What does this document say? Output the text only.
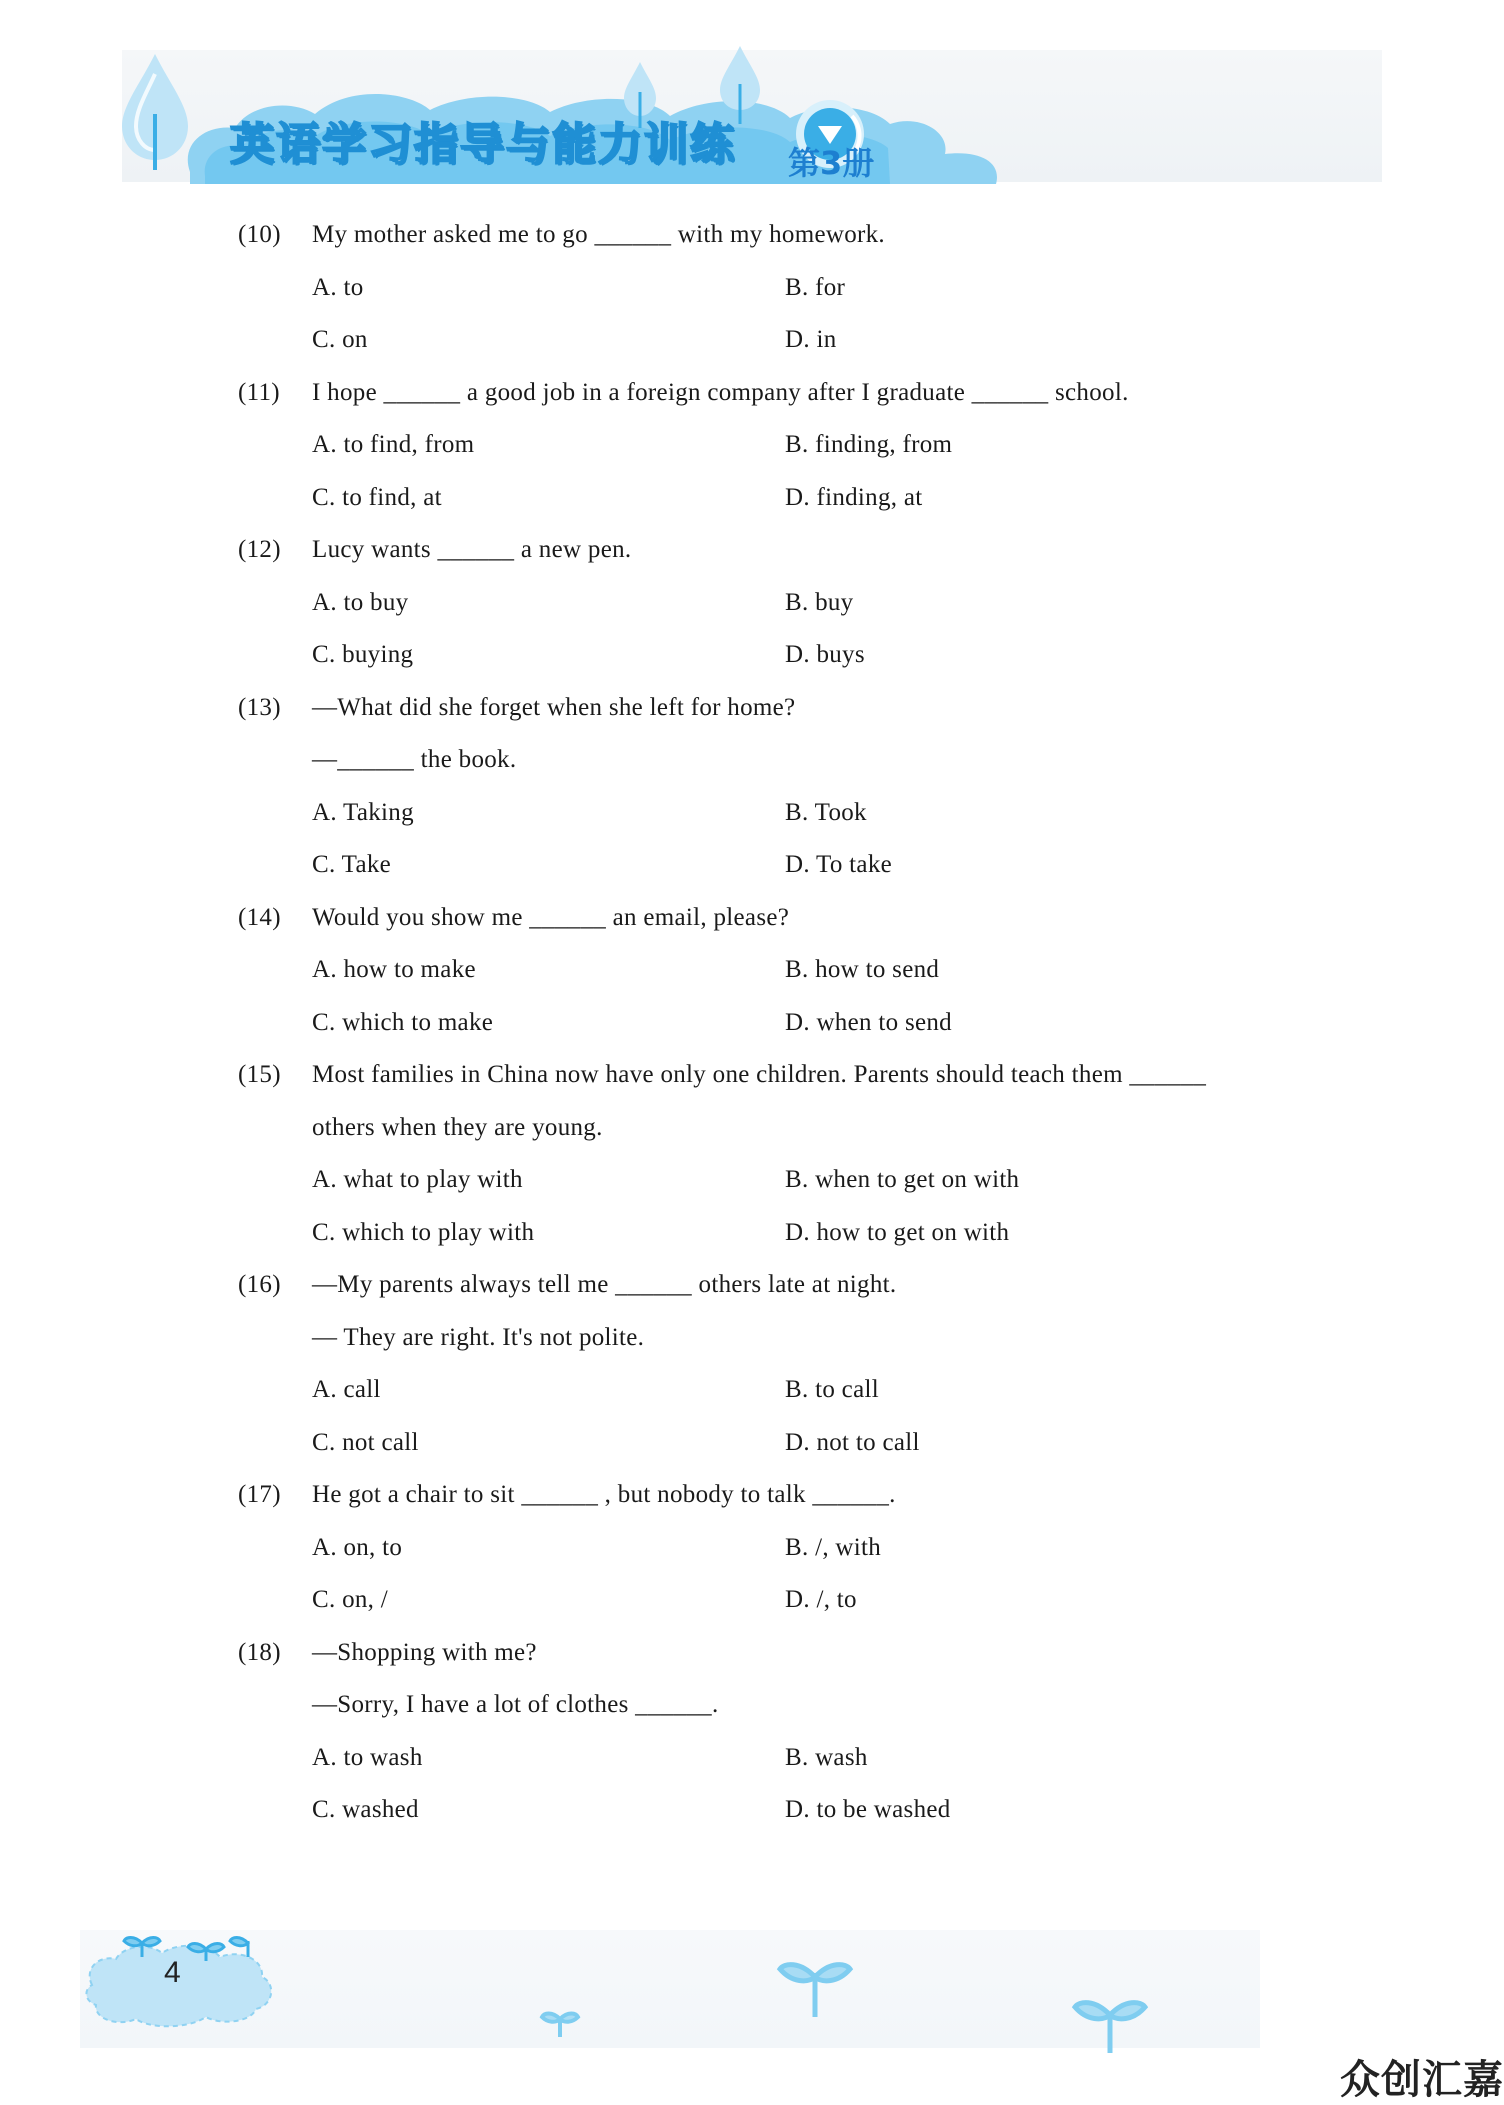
英语学习指导与能力训练 第3册
(10) My mother asked me to go ______ with my homework.
A. to	B. for
C. on	D. in
(11) I hope ______ a good job in a foreign company after I graduate ______ school.
A. to find, from	B. finding, from
C. to find, at	D. finding, at
(12) Lucy wants ______ a new pen.
A. to buy	B. buy
C. buying	D. buys
(13) —What did she forget when she left for home?
—______ the book.
A. Taking	B. Took
C. Take	D. To take
(14) Would you show me ______ an email, please?
A. how to make	B. how to send
C. which to make	D. when to send
(15) Most families in China now have only one children. Parents should teach them ______
others when they are young.
A. what to play with	B. when to get on with
C. which to play with	D. how to get on with
(16) —My parents always tell me ______ others late at night.
— They are right. It's not polite.
A. call	B. to call
C. not call	D. not to call
(17) He got a chair to sit ______ , but nobody to talk ______.
A. on, to	B. /, with
C. on, /	D. /, to
(18) —Shopping with me?
—Sorry, I have a lot of clothes ______.
A. to wash	B. wash
C. washed	D. to be washed
4
众创汇嘉
